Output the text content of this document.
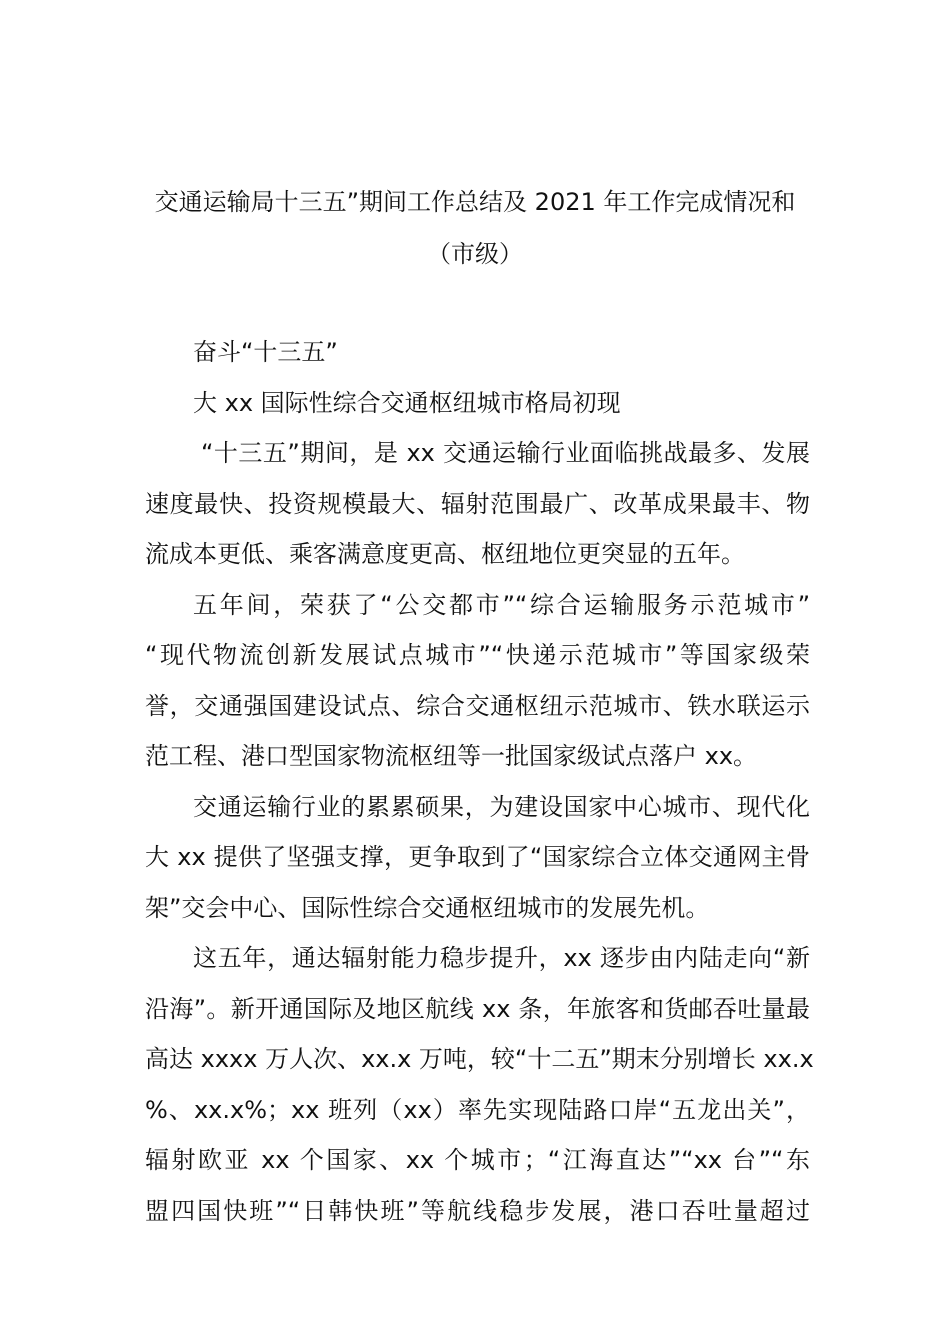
交通运输局十三五”期间工作总结及 2021 年工作完成情况和
（市级）
奋斗“十三五”
大 xx 国际性综合交通枢纽城市格局初现
“十三五”期间，是 xx 交通运输行业面临挑战最多、发展
速度最快、投资规模最大、辐射范围最广、改革成果最丰、物
流成本更低、乘客满意度更高、枢纽地位更突显的五年。
五年间，荣获了“公交都市”“综合运输服务示范城市”
“现代物流创新发展试点城市”“快递示范城市”等国家级荣
誉，交通强国建设试点、综合交通枢纽示范城市、铁水联运示
范工程、港口型国家物流枢纽等一批国家级试点落户 xx。
交通运输行业的累累硕果，为建设国家中心城市、现代化
大 xx 提供了坚强支撑，更争取到了“国家综合立体交通网主骨
架”交会中心、国际性综合交通枢纽城市的发展先机。
这五年，通达辐射能力稳步提升，xx 逐步由内陆走向“新
沿海”。新开通国际及地区航线 xx 条，年旅客和货邮吞吐量最
高达 xxxx 万人次、xx.x 万吨，较“十二五”期末分别增长 xx.x
%、xx.x%；xx 班列（xx）率先实现陆路口岸“五龙出关”，
辐射欧亚 xx 个国家、xx 个城市；“江海直达”“xx 台”“东
盟四国快班”“日韩快班”等航线稳步发展，港口吞吐量超过
